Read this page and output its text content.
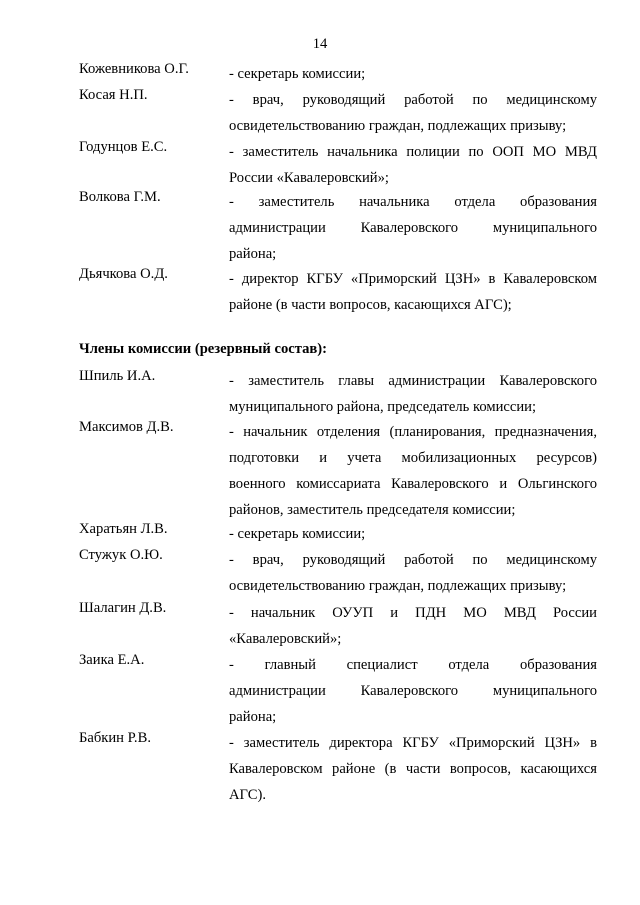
14
Кожевникова О.Г.	- секретарь комиссии;
Косая Н.П.	- врач, руководящий работой по медицинскому
освидетельствованию граждан, подлежащих призыву;
Годунцов Е.С.	- заместитель начальника полиции по ООП МО МВД
России «Кавалеровский»;
Волкова Г.М.	- заместитель начальника отдела образования
администрации Кавалеровского муниципального
района;
Дьячкова О.Д.	- директор КГБУ «Приморский ЦЗН» в Кавалеровском
районе (в части вопросов, касающихся АГС);
Члены комиссии (резервный состав):
Шпиль И.А.	- заместитель главы администрации Кавалеровского
муниципального района, председатель комиссии;
Максимов Д.В.	- начальник отделения (планирования, предназначения,
подготовки и учета мобилизационных ресурсов)
военного комиссариата Кавалеровского и Ольгинского
районов, заместитель председателя комиссии;
Харатьян Л.В.	- секретарь комиссии;
Стужук О.Ю.	- врач, руководящий работой по медицинскому
освидетельствованию граждан, подлежащих призыву;
Шалагин Д.В.	- начальник ОУУП и ПДН МО МВД России
«Кавалеровский»;
Заика Е.А.	- главный специалист отдела образования
администрации Кавалеровского муниципального
района;
Бабкин Р.В.	- заместитель директора КГБУ «Приморский ЦЗН» в
Кавалеровском районе (в части вопросов, касающихся
АГС).
